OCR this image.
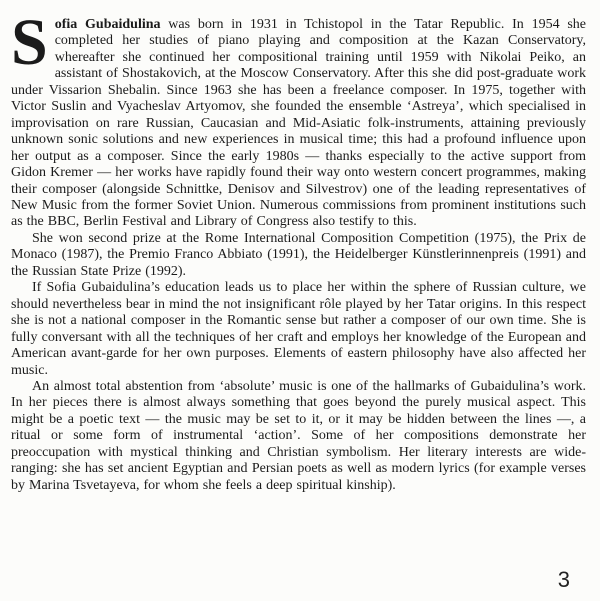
Sofia Gubaidulina was born in 1931 in Tchistopol in the Tatar Republic. In 1954 she completed her studies of piano playing and composition at the Kazan Conservatory, whereafter she continued her compositional training until 1959 with Nikolai Peiko, an assistant of Shostakovich, at the Moscow Conservatory. After this she did post-graduate work under Vissarion Shebalin. Since 1963 she has been a freelance composer. In 1975, together with Victor Suslin and Vyacheslav Artyomov, she founded the ensemble ‘Astreya’, which specialised in improvisation on rare Russian, Caucasian and Mid-Asiatic folk-instruments, attaining previously unknown sonic solutions and new experiences in musical time; this had a profound influence upon her output as a composer. Since the early 1980s — thanks especially to the active support from Gidon Kremer — her works have rapidly found their way onto western concert programmes, making their composer (alongside Schnittke, Denisov and Silvestrov) one of the leading representatives of New Music from the former Soviet Union. Numerous commissions from prominent institutions such as the BBC, Berlin Festival and Library of Congress also testify to this.

She won second prize at the Rome International Composition Competition (1975), the Prix de Monaco (1987), the Premio Franco Abbiato (1991), the Heidelberger Künstlerinnenpreis (1991) and the Russian State Prize (1992).

If Sofia Gubaidulina’s education leads us to place her within the sphere of Russian culture, we should nevertheless bear in mind the not insignificant rôle played by her Tatar origins. In this respect she is not a national composer in the Romantic sense but rather a composer of our own time. She is fully conversant with all the techniques of her craft and employs her knowledge of the European and American avant-garde for her own purposes. Elements of eastern philosophy have also affected her music.

An almost total abstention from ‘absolute’ music is one of the hallmarks of Gubaidulina’s work. In her pieces there is almost always something that goes beyond the purely musical aspect. This might be a poetic text — the music may be set to it, or it may be hidden between the lines —, a ritual or some form of instrumental ‘action’. Some of her compositions demonstrate her preoccupation with mystical thinking and Christian symbolism. Her literary interests are wide-ranging: she has set ancient Egyptian and Persian poets as well as modern lyrics (for example verses by Marina Tsvetayeva, for whom she feels a deep spiritual kinship).

3
